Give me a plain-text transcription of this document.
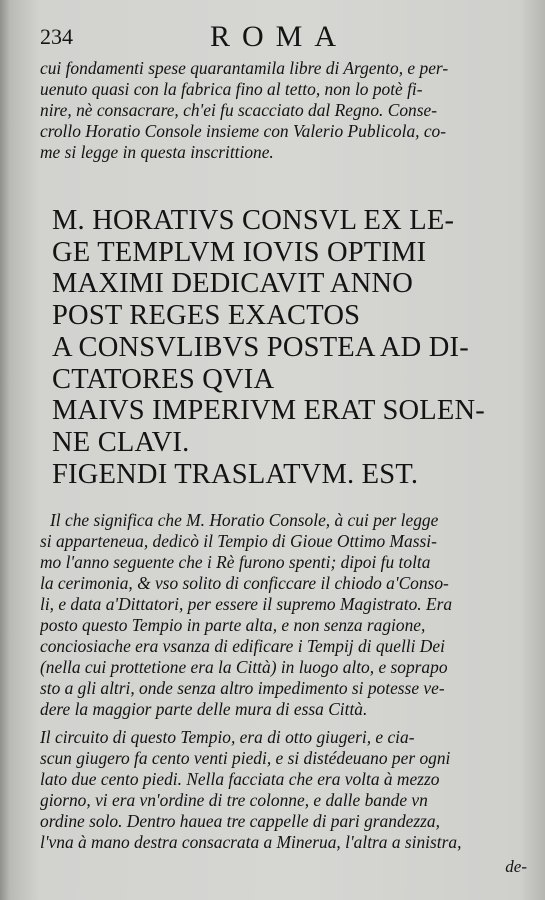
234	ROMA
cui fondamenti spese quarantamila libre di Argento, e per-
uenuto quasi con la fabrica fino al tetto, non lo potè fi-
nire, nè consacrare, ch'ei fu scacciato dal Regno. Conse-
crollo Horatio Console insieme con Valerio Publicola, co-
me si legge in questa inscrittione.
M. HORATIVS CONSVL EX LE-
GE TEMPLVM IOVIS OPTIMI
MAXIMI DEDICAVIT ANNO
POST REGES EXACTOS
A CONSVLIBVS POSTEA AD DI-
CTATORES QVIA
MAIVS IMPERIVM ERAT SOLEN-
NE CLAVI.
FIGENDI TRASLATVM. EST.
Il che significa che M. Horatio Console, à cui per legge
si apparteneua, dedicò il Tempio di Gioue Ottimo Massi-
mo l'anno seguente che i Rè furono spenti; dipoi fu tolta
la cerimonia, & vso solito di conficcare il chiodo a'Conso-
li, e data a'Dittatori, per essere il supremo Magistrato. Era
posto questo Tempio in parte alta, e non senza ragione,
conciosiache era vsanza di edificare i Tempij di quelli Dei
(nella cui prottetione era la Città) in luogo alto, e soprapo
sto a gli altri, onde senza altro impedimento si potesse ve-
dere la maggior parte delle mura di essa Città.
Il circuito di questo Tempio, era di otto giugeri, e cia-
scun giugero fa cento venti piedi, e si distédeuano per ogni
lato due cento piedi. Nella facciata che era volta à mezzo
giorno, vi era vn'ordine di tre colonne, e dalle bande vn
ordine solo. Dentro hauea tre cappelle di pari grandezza,
l'vna à mano destra consacrata a Minerua, l'altra a sinistra,
de-
